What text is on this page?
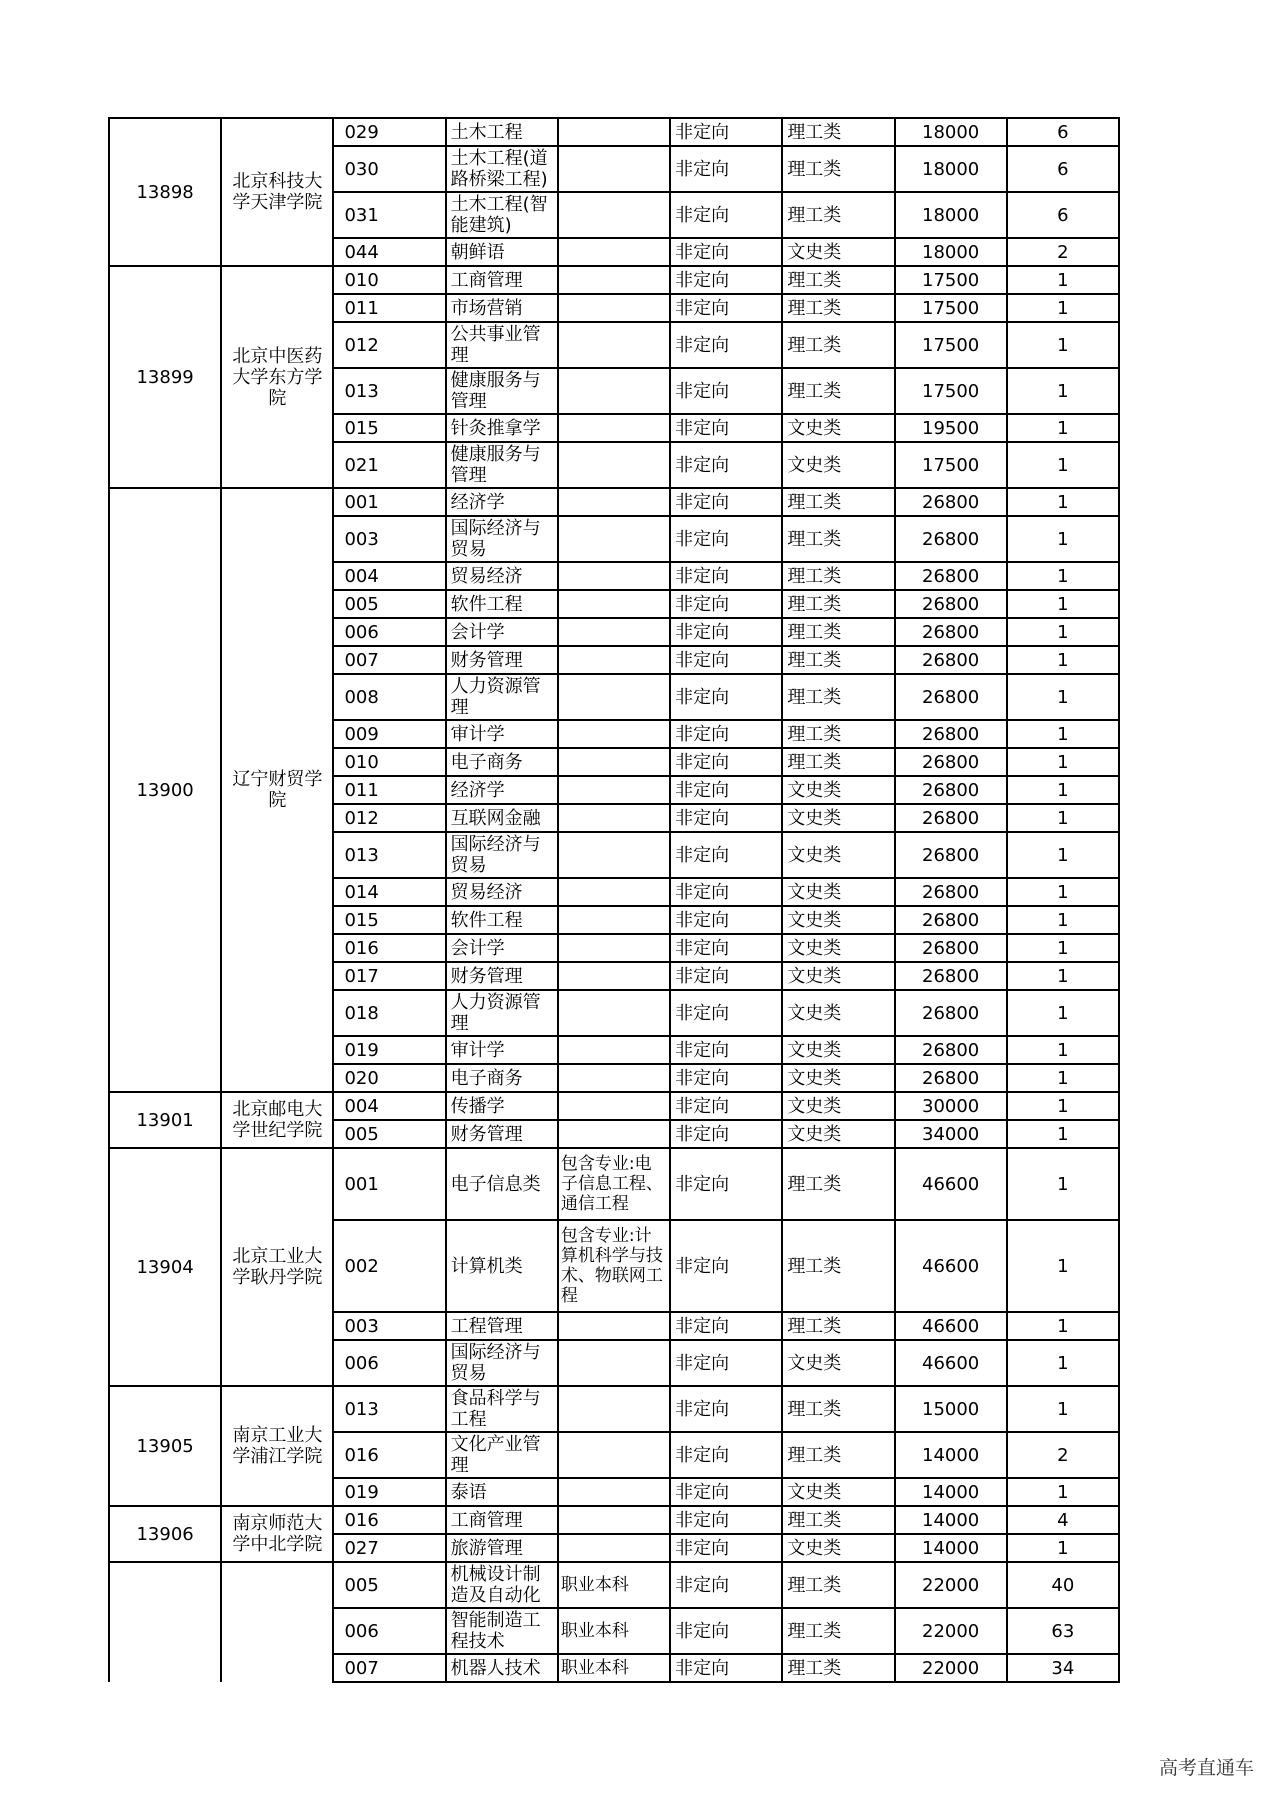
13898	北京科技大学天津学院	029	土木工程		非定向	理工类	18000	6
		030	土木工程(道路桥梁工程)		非定向	理工类	18000	6
		031	土木工程(智能建筑)		非定向	理工类	18000	6
		044	朝鲜语		非定向	文史类	18000	2
13899	北京中医药大学东方学院	010	工商管理		非定向	理工类	17500	1
		011	市场营销		非定向	理工类	17500	1
		012	公共事业管理		非定向	理工类	17500	1
		013	健康服务与管理		非定向	理工类	17500	1
		015	针灸推拿学		非定向	文史类	19500	1
		021	健康服务与管理		非定向	文史类	17500	1
13900	辽宁财贸学院	001	经济学		非定向	理工类	26800	1
		003	国际经济与贸易		非定向	理工类	26800	1
		004	贸易经济		非定向	理工类	26800	1
		005	软件工程		非定向	理工类	26800	1
		006	会计学		非定向	理工类	26800	1
		007	财务管理		非定向	理工类	26800	1
		008	人力资源管理		非定向	理工类	26800	1
		009	审计学		非定向	理工类	26800	1
		010	电子商务		非定向	理工类	26800	1
		011	经济学		非定向	文史类	26800	1
		012	互联网金融		非定向	文史类	26800	1
		013	国际经济与贸易		非定向	文史类	26800	1
		014	贸易经济		非定向	文史类	26800	1
		015	软件工程		非定向	文史类	26800	1
		016	会计学		非定向	文史类	26800	1
		017	财务管理		非定向	文史类	26800	1
		018	人力资源管理		非定向	文史类	26800	1
		019	审计学		非定向	文史类	26800	1
		020	电子商务		非定向	文史类	26800	1
13901	北京邮电大学世纪学院	004	传播学		非定向	文史类	30000	1
		005	财务管理		非定向	文史类	34000	1
13904	北京工业大学耿丹学院	001	电子信息类	包含专业:电子信息工程、通信工程	非定向	理工类	46600	1
		002	计算机类	包含专业:计算机科学与技术、物联网工程	非定向	理工类	46600	1
		003	工程管理		非定向	理工类	46600	1
		006	国际经济与贸易		非定向	文史类	46600	1
13905	南京工业大学浦江学院	013	食品科学与工程		非定向	理工类	15000	1
		016	文化产业管理		非定向	理工类	14000	2
		019	泰语		非定向	文史类	14000	1
13906	南京师范大学中北学院	016	工商管理		非定向	理工类	14000	4
		027	旅游管理		非定向	文史类	14000	1
		005	机械设计制造及自动化	职业本科	非定向	理工类	22000	40
		006	智能制造工程技术	职业本科	非定向	理工类	22000	63
		007	机器人技术	职业本科	非定向	理工类	22000	34
高考直通车
